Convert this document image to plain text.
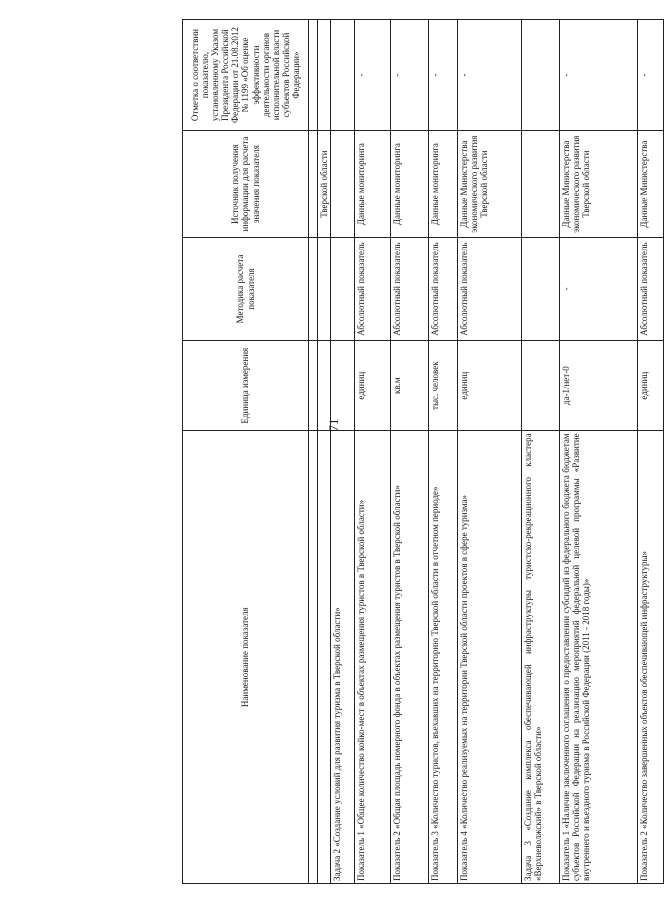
71
Наименование показателя	Единица измерения	Методика расчета показателя	Источник получения информации для расчета значения показателя	Отметка о соответствии показателю, установленному Указом Президента Российской Федерации от 21.08.2012 № 1199 «Об оценке эффективности деятельности органов исполнительной власти субъектов Российской Федерации»

			Тверской области	
Задача 2 «Создание условий для развития туризма в Тверской области»				
Показатель 1 «Общее количество койко-мест в объектах размещения туристов в Тверской области»	единиц	Абсолютный показатель	Данные мониторинга	-
Показатель 2 «Общая площадь номерного фонда в объектах размещения туристов в Тверской области»	кв.м	Абсолютный показатель	Данные мониторинга	-
Показатель 3 «Количество туристов, въехавших на территорию Тверской области в отчетном периоде»	тыс. человек	Абсолютный показатель	Данные мониторинга	-
Показатель 4 «Количество реализуемых на территории Тверской области проектов в сфере туризма»	единиц	Абсолютный показатель	Данные Министерства экономического развития Тверской области	-
Задача 3 «Создание комплекса обеспечивающей инфраструктуры туристско-рекреационного кластера «Верхневолжский» в Тверской области»				
Показатель 1 «Наличие заключенного соглашения о предоставлении субсидий из федерального бюджета бюджетам субъектов Российской Федерации на реализацию мероприятий федеральной целевой программы «Развитие внутреннего и въездного туризма в Российской Федерации (2011 - 2018 годы)»	да-1/нет-0	-	Данные Министерства экономического развития Тверской области	-
Показатель 2 «Количество завершенных объектов обеспечивающей инфраструктуры»	единиц	Абсолютный показатель	Данные Министерства	-
